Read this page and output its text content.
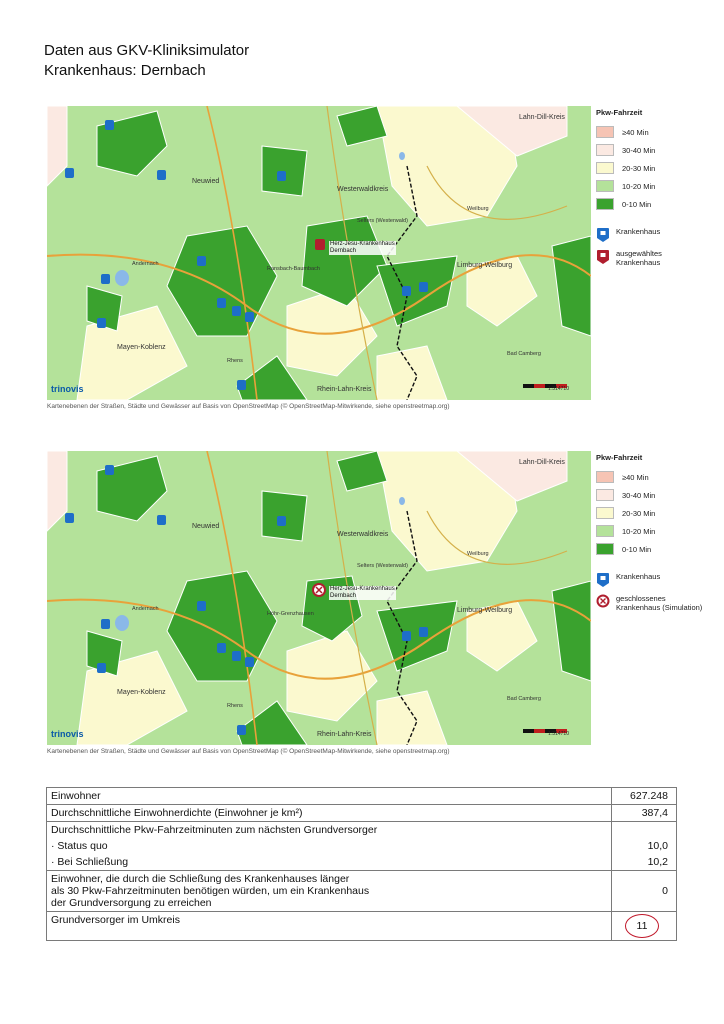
Daten aus GKV-Kliniksimulator
Krankenhaus: Dernbach
Neuwied
Westerwaldkreis
Lahn-Dill-Kreis
Limburg-Weilburg
Mayen-Koblenz
Rhein-Lahn-Kreis
Selters (Westerwald)
Ransbach-Baumbach
Weilburg
Bad Camberg
Rhens
Andernach
Herz-Jesu-Krankenhaus
Dernbach
trinovis	1:314710
Kartenebenen der Straßen, Städte und Gewässer auf Basis von OpenStreetMap (© OpenStreetMap-Mitwirkende, siehe openstreetmap.org)
Pkw-Fahrzeit
≥40 Min
30-40 Min
20-30 Min
10-20 Min
0-10 Min
Krankenhaus
ausgewähltes Krankenhaus
Neuwied
Westerwaldkreis
Lahn-Dill-Kreis
Limburg-Weilburg
Mayen-Koblenz
Rhein-Lahn-Kreis
Selters (Westerwald)
Höhr-Grenzhausen
Weilburg
Bad Camberg
Rhens
Andernach
Herz-Jesu-Krankenhaus
Dernbach
trinovis	1:314710
Kartenebenen der Straßen, Städte und Gewässer auf Basis von OpenStreetMap (© OpenStreetMap-Mitwirkende, siehe openstreetmap.org)
Pkw-Fahrzeit
≥40 Min
30-40 Min
20-30 Min
10-20 Min
0-10 Min
Krankenhaus
geschlossenes Krankenhaus (Simulation)
Einwohner	627.248
Durchschnittliche Einwohnerdichte (Einwohner je km²)	387,4
Durchschnittliche Pkw-Fahrzeitminuten zum nächsten Grundversorger	
· Status quo	10,0
· Bei Schließung	10,2

Einwohner, die durch die Schließung des Krankenhauses länger
als 30 Pkw-Fahrzeitminuten benötigen würden, um ein Krankenhaus
der Grundversorgung zu erreichen	0
Grundversorger im Umkreis	11
